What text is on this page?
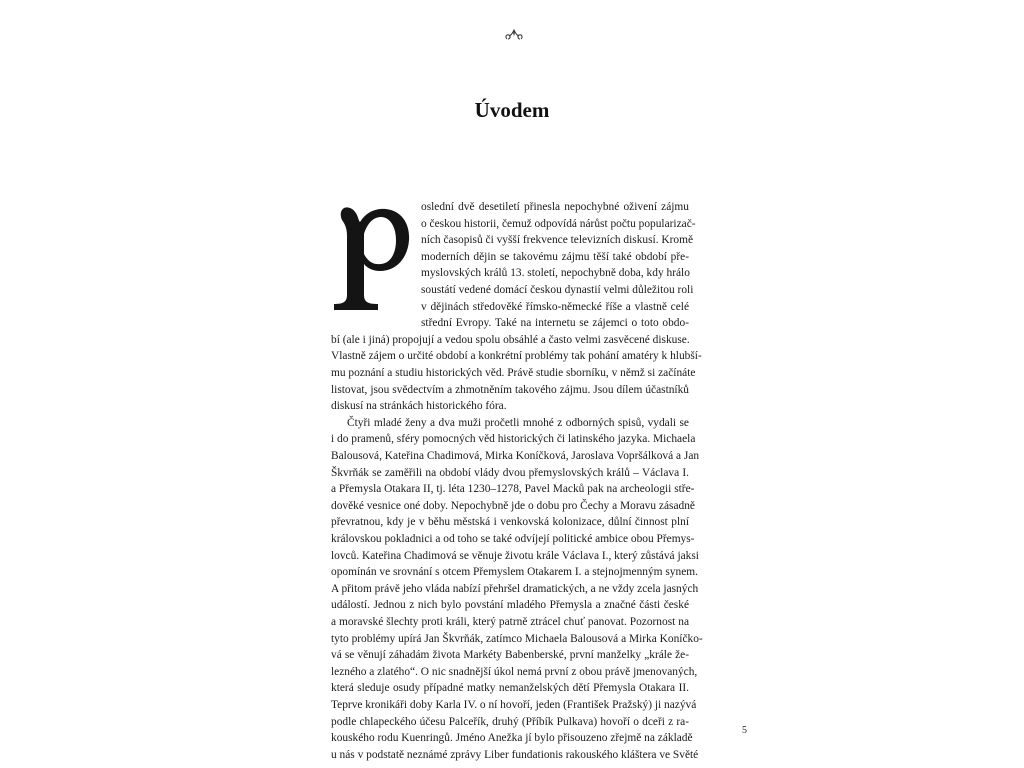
Úvodem
oslední dvě desetiletí přinesla nepochybné oživení zájmu
o českou historii, čemuž odpovídá nárůst počtu popularizač-
ních časopisů či vyšší frekvence televizních diskusí. Kromě
moderních dějin se takovému zájmu těší také období pře-
myslovských králů 13. století, nepochybně doba, kdy hrálo
soustátí vedené domácí českou dynastií velmi důležitou roli
v dějinách středověké římsko-německé říše a vlastně celé
střední Evropy. Také na internetu se zájemci o toto obdo-
bí (ale i jiná) propojují a vedou spolu obsáhlé a často velmi zasvěcené diskuse.
Vlastně zájem o určité období a konkrétní problémy tak pohání amatéry k hlubší-
mu poznání a studiu historických věd. Právě studie sborníku, v němž si začínáte
listovat, jsou svědectvím a zhmotněním takového zájmu. Jsou dílem účastníků
diskusí na stránkách historického fóra.
Čtyři mladé ženy a dva muži pročetli mnohé z odborných spisů, vydali se
i do pramenů, sféry pomocných věd historických či latinského jazyka. Michaela
Balousová, Kateřina Chadimová, Mirka Koníčková, Jaroslava Vopršálková a Jan
Škvrňák se zaměřili na období vlády dvou přemyslovských králů – Václava I.
a Přemysla Otakara II, tj. léta 1230–1278, Pavel Macků pak na archeologii stře-
dověké vesnice oné doby. Nepochybně jde o dobu pro Čechy a Moravu zásadně
převratnou, kdy je v běhu městská i venkovská kolonizace, důlní činnost plní
královskou pokladnici a od toho se také odvíjejí politické ambice obou Přemys-
lovců. Kateřina Chadimová se věnuje životu krále Václava I., který zůstává jaksi
opomínán ve srovnání s otcem Přemyslem Otakarem I. a stejnojmenným synem.
A přitom právě jeho vláda nabízí přehršel dramatických, a ne vždy zcela jasných
událostí. Jednou z nich bylo povstání mladého Přemysla a značné části české
a moravské šlechty proti králi, který patrně ztrácel chuť panovat. Pozornost na
tyto problémy upírá Jan Škvrňák, zatímco Michaela Balousová a Mirka Koníčko-
vá se věnují záhadám života Markéty Babenberské, první manželky „krále že-
lezného a zlatého“. O nic snadnější úkol nemá první z obou právě jmenovaných,
která sleduje osudy případné matky nemanželských dětí Přemysla Otakara II.
Teprve kronikáři doby Karla IV. o ní hovoří, jeden (František Pražský) ji nazývá
podle chlapeckého účesu Palceřík, druhý (Příbík Pulkava) hovoří o dceři z ra-
kouského rodu Kuenringů. Jméno Anežka jí bylo přisouzeno zřejmě na základě
u nás v podstatě neznámé zprávy Liber fundationis rakouského kláštera ve Světé
5
